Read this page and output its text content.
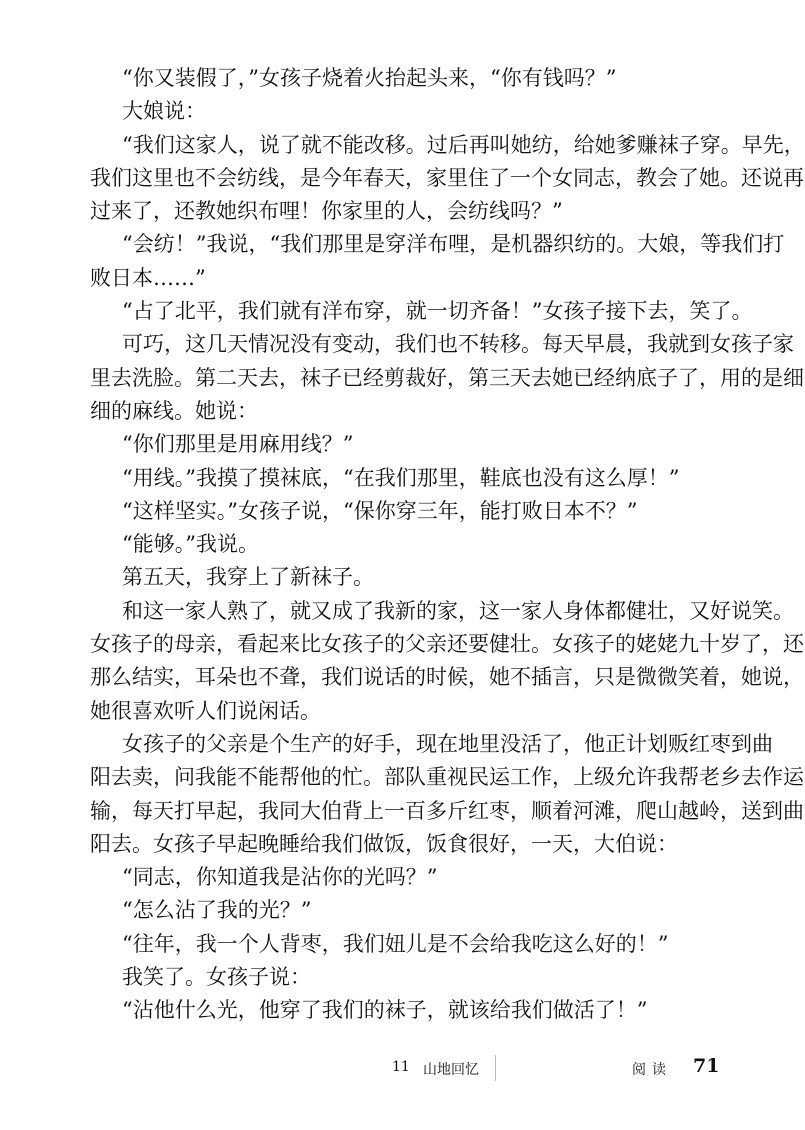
“你又装假了，”女孩子烧着火抬起头来，“你有钱吗？”
大娘说：
“我们这家人，说了就不能改移。过后再叫她纺，给她爹赚袜子穿。早先，
我们这里也不会纺线，是今年春天，家里住了一个女同志，教会了她。还说再
过来了，还教她织布哩！你家里的人，会纺线吗？”
“会纺！”我说，“我们那里是穿洋布哩，是机器织纺的。大娘，等我们打
败日本……”
“占了北平，我们就有洋布穿，就一切齐备！”女孩子接下去，笑了。
可巧，这几天情况没有变动，我们也不转移。每天早晨，我就到女孩子家
里去洗脸。第二天去，袜子已经剪裁好，第三天去她已经纳底子了，用的是细
细的麻线。她说：
“你们那里是用麻用线？”
“用线。”我摸了摸袜底，“在我们那里，鞋底也没有这么厚！”
“这样坚实。”女孩子说，“保你穿三年，能打败日本不？”
“能够。”我说。
第五天，我穿上了新袜子。
和这一家人熟了，就又成了我新的家，这一家人身体都健壮，又好说笑。
女孩子的母亲，看起来比女孩子的父亲还要健壮。女孩子的姥姥九十岁了，还
那么结实，耳朵也不聋，我们说话的时候，她不插言，只是微微笑着，她说，
她很喜欢听人们说闲话。
女孩子的父亲是个生产的好手，现在地里没活了，他正计划贩红枣到曲
阳去卖，问我能不能帮他的忙。部队重视民运工作，上级允许我帮老乡去作运
输，每天打早起，我同大伯背上一百多斤红枣，顺着河滩，爬山越岭，送到曲
阳去。女孩子早起晚睡给我们做饭，饭食很好，一天，大伯说：
“同志，你知道我是沾你的光吗？”
“怎么沾了我的光？”
“往年，我一个人背枣，我们妞儿是不会给我吃这么好的！”
我笑了。女孩子说：
“沾他什么光，他穿了我们的袜子，就该给我们做活了！”
11 山地回忆	阅读 71
